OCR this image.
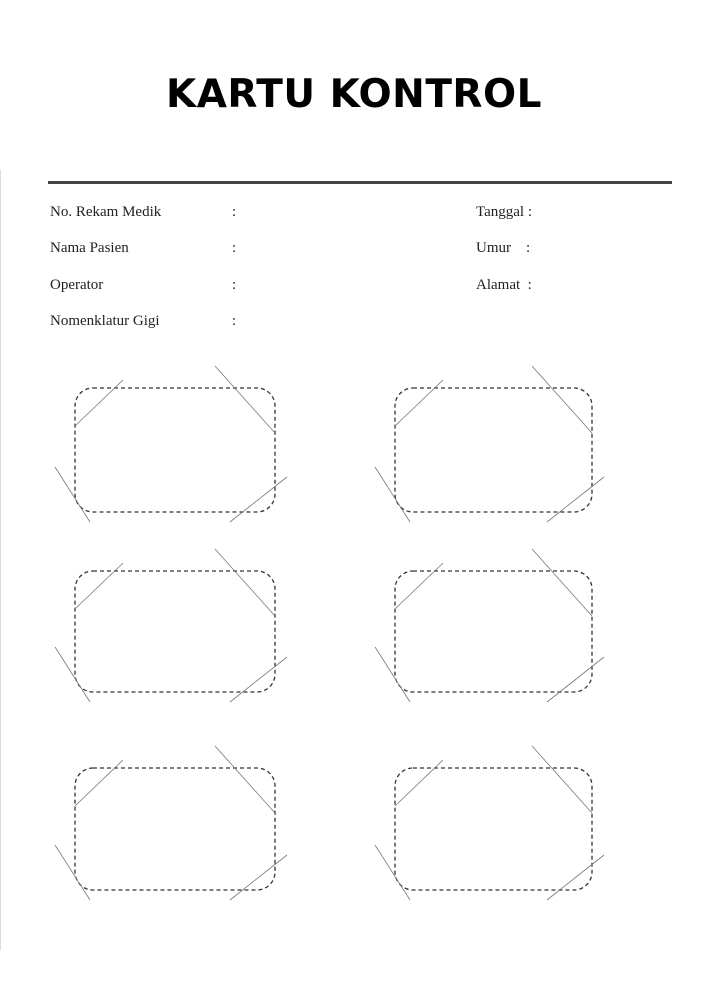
KARTU KONTROL
No. Rekam Medik	:
Nama Pasien	:
Operator	:
Nomenklatur Gigi	:
Tanggal :
Umur    :
Alamat  :
